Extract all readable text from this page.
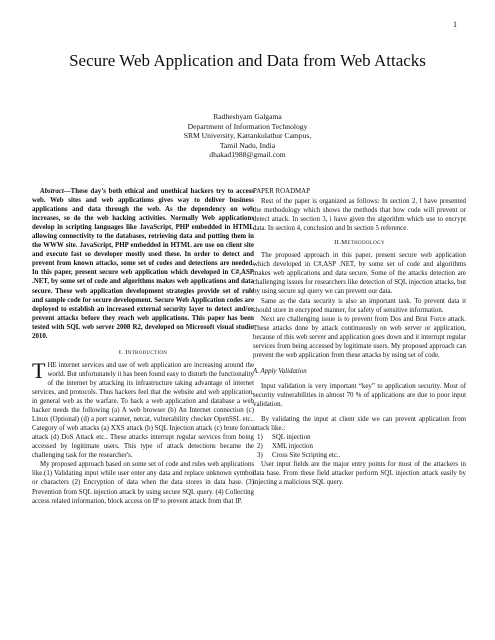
1
Secure Web Application and Data from Web Attacks
Radheshyam Galgama
Department of Information Technology
SRM University, Kattankulathur Campus,
Tamil Nadu, India
dhakad1988@gmail.com

Abstract—These day’s both ethical and unethical hackers try to access web. Web sites and web applications gives way to deliver business applications and data through the web. As the dependency on web increases, so do the web hacking activities. Normally Web applications develop in scripting languages like JavaScript, PHP embedded in HTML allowing connectivity to the databases, retrieving data and putting them in the WWW site. JavaScript, PHP embedded in HTML are use on client site and execute fast so developer mostly used these. In order to detect and prevent from known attacks, some set of codes and detections are needed. In this paper, present secure web application which developed in C#,ASP .NET, by some set of code and algorithms makes web applications and data secure. These web application development strategies provide set of rule and sample code for secure development. Secure Web Application codes are deployed to establish an increased external security layer to detect and/or prevent attacks before they reach web applications. This paper has been tested with SQL web server 2008 R2, developed on Microsoft visual studio 2010.

I. Introduction

THE internet services and use of web application are increasing around the world. But unfortunately it has been found easy to disturb the functionality of the internet by attacking its infrastructure taking advantage of internet services, and protocols. Thus hackers feel that the website and web application, in general web as the warfare. To hack a web application and database a web hacker needs the following (a) A web browser (b) An Internet connection (c) Linux (Optional) (d) a port scanner, netcat, vulnerability checker OpenSSL etc.. Category of web attacks (a) XXS attack (b) SQL Injection attack (c) brute force attack (d) DoS Attack etc.. These attacks interrupt regular services from being accessed by legitimate users. This type of attack detections became the challenging task for the researcher's.

My proposed approach based on some set of code and rules web applications like.(1) Validating input while user enter any data and replace unknown symbol or characters (2) Encryption of data when the data stores in data base. (3) Prevention from SQL injection attack by using secure SQL query. (4) Collecting access related information, block access on IP to prevent attack from that IP.

PAPER ROADMAP

Rest of the paper is organized as follows: In section 2, I have presented the methodology which shows the methods that how code will prevent or detect attack. In section 3, i have given the algorithm which use to encrypt data. In section 4, conclusion and In section 5 reference.

II.Methodology

The proposed approach in this paper, present secure web application which developed in C#,ASP .NET, by some set of code and algorithms makes web applications and data secure. Some of the attacks detection are challenging issues for researchers like detection of SQL injection attacks, but by using secure sql query we can prevent our data.

Same as the data security is also an important task. To prevent data it should store in encrypted manner, for safety of sensitive information.

Next are challenging issue is to prevent from Dos and Brut Force attack. These attacks done by attack continuously on web server or application, because of this web server and application goes down and it interrupt regular services from being accessed by legitimate users. My proposed approach can prevent the web application from these attacks by using set of code.

A. Apply Validation

Input validation is very important “key” to application security. Most of security vulnerabilities in almost 70 % of applications are due to poor input validation.

By validating the input at client side we can prevent application from attack like.:

1) SQL injection
2) XML injection
3) Cross Site Scripting etc..

User input fields are the major entry points for most of the attackers in data base. From these field attacker perform SQL injection attack easily by injecting a malicious SQL query.
